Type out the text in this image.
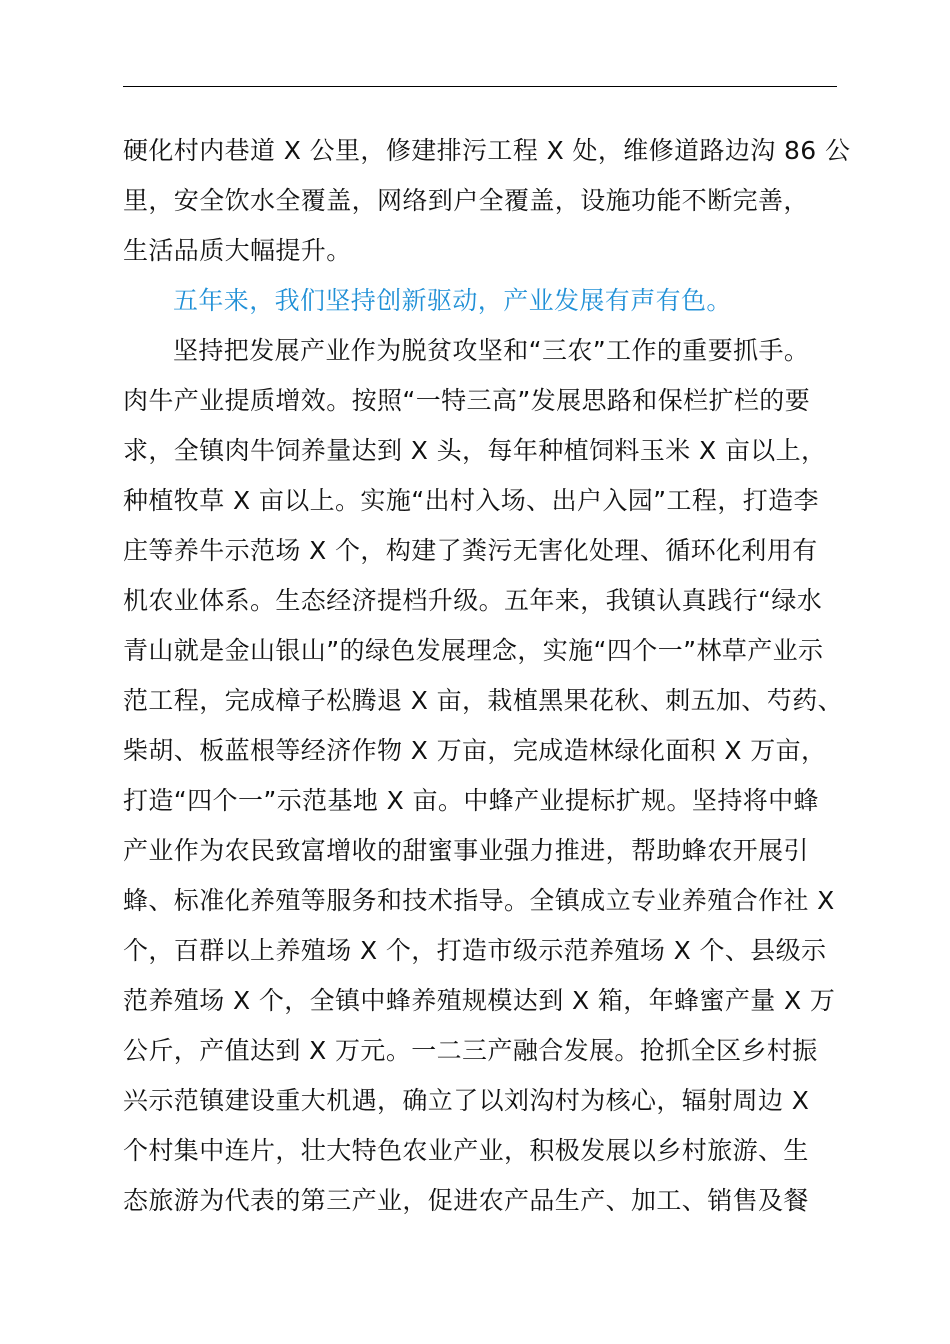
硬化村内巷道 X 公里，修建排污工程 X 处，维修道路边沟 86 公
里，安全饮水全覆盖，网络到户全覆盖，设施功能不断完善，
生活品质大幅提升。
五年来，我们坚持创新驱动，产业发展有声有色。
坚持把发展产业作为脱贫攻坚和“三农”工作的重要抓手。
肉牛产业提质增效。按照“一特三高”发展思路和保栏扩栏的要
求，全镇肉牛饲养量达到 X 头，每年种植饲料玉米 X 亩以上，
种植牧草 X 亩以上。实施“出村入场、出户入园”工程，打造李
庄等养牛示范场 X 个，构建了粪污无害化处理、循环化利用有
机农业体系。生态经济提档升级。五年来，我镇认真践行“绿水
青山就是金山银山”的绿色发展理念，实施“四个一”林草产业示
范工程，完成樟子松腾退 X 亩，栽植黑果花秋、刺五加、芍药、
柴胡、板蓝根等经济作物 X 万亩，完成造林绿化面积 X 万亩，
打造“四个一”示范基地 X 亩。中蜂产业提标扩规。坚持将中蜂
产业作为农民致富增收的甜蜜事业强力推进，帮助蜂农开展引
蜂、标准化养殖等服务和技术指导。全镇成立专业养殖合作社 X
个，百群以上养殖场 X 个，打造市级示范养殖场 X 个、县级示
范养殖场 X 个，全镇中蜂养殖规模达到 X 箱，年蜂蜜产量 X 万
公斤，产值达到 X 万元。一二三产融合发展。抢抓全区乡村振
兴示范镇建设重大机遇，确立了以刘沟村为核心，辐射周边 X
个村集中连片，壮大特色农业产业，积极发展以乡村旅游、生
态旅游为代表的第三产业，促进农产品生产、加工、销售及餐
